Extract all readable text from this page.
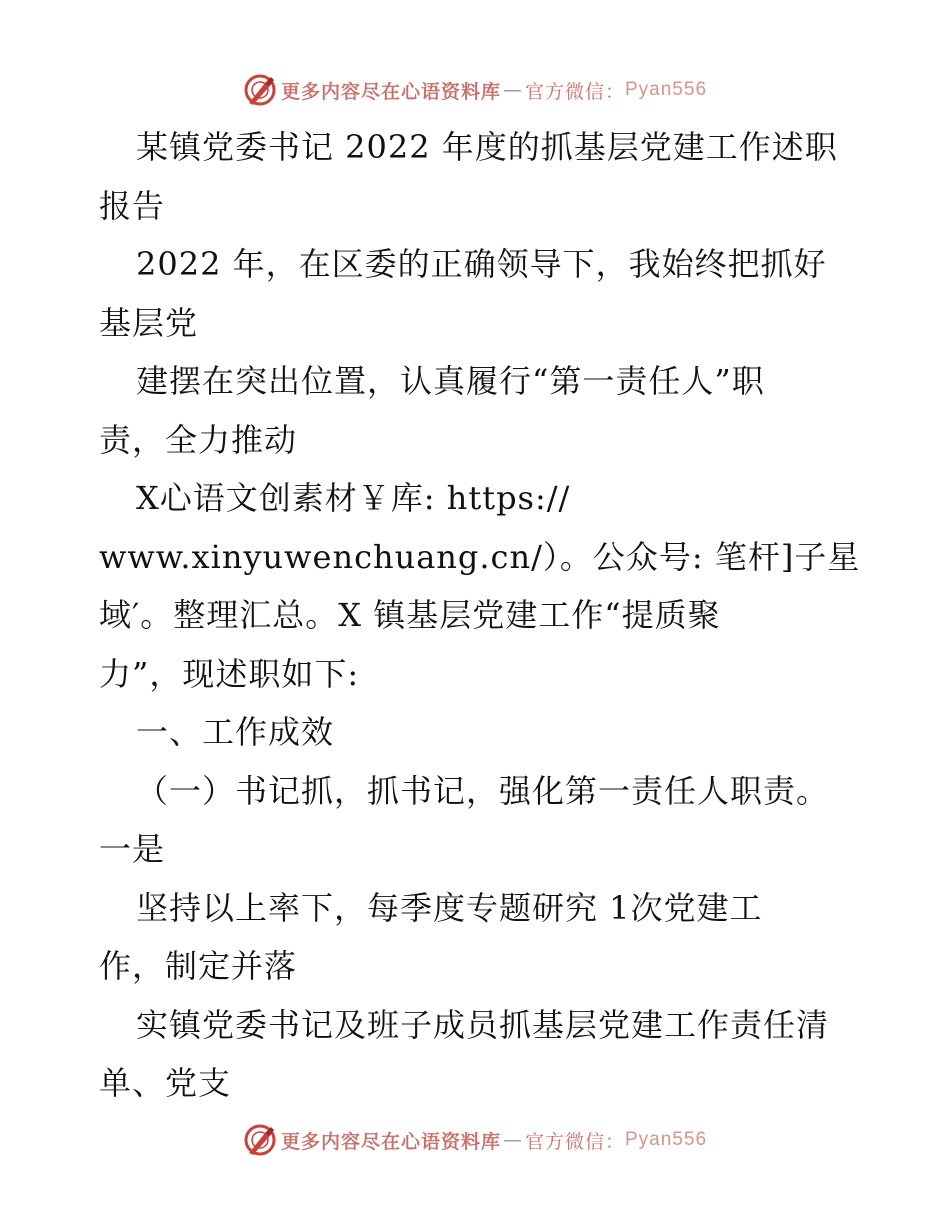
更多内容尽在心语资料库 — 官方微信： Pyan556
某镇党委书记 2022 年度的抓基层党建工作述职
报告
2022 年，在区委的正确领导下，我始终把抓好
基层党
建摆在突出位置，认真履行“第一责任人”职
责，全力推动
X心语文创素材￥库: https://
www.xinyuwenchuang.cn/）。公众号: 笔杆]子星
域′。整理汇总。X 镇基层党建工作“提质聚
力”，现述职如下:
一、工作成效
（一）书记抓，抓书记，强化第一责任人职责。
一是
坚持以上率下，每季度专题研究 1次党建工
作，制定并落
实镇党委书记及班子成员抓基层党建工作责任清
单、党支
更多内容尽在心语资料库 — 官方微信： Pyan556
